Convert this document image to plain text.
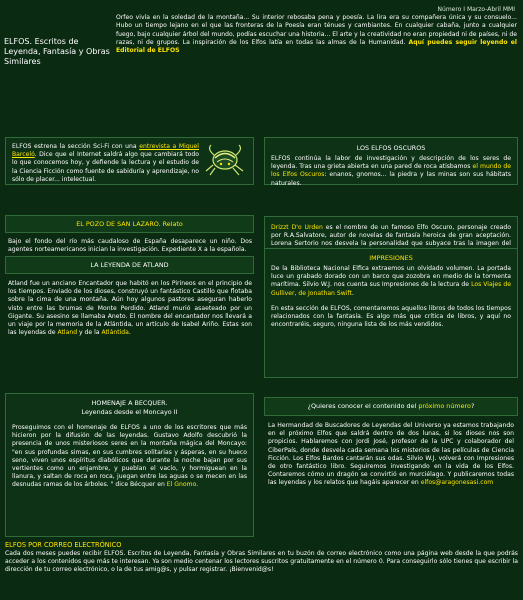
Número I Marzo-Abril MMI
ELFOS. Escritos de Leyenda, Fantasía y Obras Similares
Orfeo vivía en la soledad de la montaña... Su interior rebosaba pena y poesía. La lira era su compañera única y su consuelo... Hubo un tiempo lejano en el que las fronteras de la Poesía eran ténues y cambiantes. En cualquier cabaña, junto a cualquier fuego, bajo cualquier árbol del mundo, podías escuchar una historia... El arte y la creatividad no eran propiedad ni de países, ni de razas, ni de grupos. La inspiración de los Elfos latía en todas las almas de la Humanidad. Aquí puedes seguir leyendo el Editorial de ELFOS
ELFOS estrena la sección Sci-Fi con una entrevista a Miquel Barceló. Dice que el Internet saldrá algo que cambiará todo lo que conocemos hoy, y defiende la lectura y el estudio de la Ciencia Ficción como fuente de sabiduría y aprendizaje, no sólo de placer... intelectual.
LOS ELFOS OSCUROS
ELFOS continúa la labor de investigación y descripción de los seres de leyenda. Tras una grieta abierta en una pared de roca atisbamos el mundo de los Elfos Oscuros: enanos, gnomos... la piedra y las minas son sus hábitats naturales.
EL POZO DE SAN LAZARO. Relato
Bajo el fondo del río más caudaloso de España desaparece un niño. Dos agentes norteamericanos inician la investigación. Expediente X a la española.
Drizzt D'o Urden es el nombre de un famoso Elfo Oscuro, personaje creado por R.A.Salvatore, autor de novelas de fantasía heroica de gran aceptación. Lorena Sertorio nos desvela la personalidad que subyace tras la imagen del
LA LEYENDA DE ATLAND
Atland fue un anciano Encantador que habitó en los Pirineos en el principio de los tiempos. Enviado de los dioses, construyó un fantástico Castillo que flotaba sobre la cima de una montaña. Aún hoy algunos pastores aseguran haberlo visto entre las brumas de Monte Perdido. Atland murió asaeteado por un Gigante. Su asesino se llamaba Aneto. El nombre del encantador nos llevará a un viaje por la memoria de la Atlántida, un artículo de Isabel Ariño. Estas son las leyendas de Atland y de la Atlántida.
IMPRESIONES
De la Biblioteca Nacional Elfica extraemos un olvidado volumen. La portada luce un grabado dorado con un barco que zozobra en medio de la tormenta marítima. Silvio W.J. nos cuenta sus Impresiones de la lectura de Los Viajes de Gulliver, de Jonathan Swift.
En esta sección de ELFOS, comentaremos aquellos libros de todos los tiempos relacionados con la fantasía. Es algo más que crítica de libros, y aquí no encontraréis, seguro, ninguna lista de los más vendidos.
HOMENAJE A BECQUER.
Leyendas desde el Moncayo II
Proseguimos con el homenaje de ELFOS a uno de los escritores que más hicieron por la difusión de las leyendas. Gustavo Adolfo descubrió la presencia de unos misteriosos seres en la montaña mágica del Moncayo: "en sus profundas simas, en sus cumbres solitarias y ásperas, en su hueco seno, viven unos espíritus diabólicos que durante la noche bajan por sus vertientes como un enjambre, y pueblan el vacío, y hormiguean en la llanura, y saltan de roca en roca, juegan entre las aguas o se mecen en las desnudas ramas de los árboles. " dice Bécquer en El Gnomo.
¿Quieres conocer el contenido del próximo número?
La Hermandad de Buscadores de Leyendas del Universo ya estamos trabajando en el próximo Elfos que saldrá dentro de dos lunas, si los dioses nos son propicios. Hablaremos con Jordi José, profesor de la UPC y colaborador del CiberPaís, donde desvela cada semana los misterios de las películas de Ciencia Ficción. Los Elfos Bardos cantarán sus odas. Silvio W.J. volverá con Impresiones de otro fantástico libro. Seguiremos investigando en la vida de los Elfos. Contaremos cómo un dragón se convirtió en murciélago. Y publicaremos todas las leyendas y los relatos que hagáis aparecer en elfos@aragonesasi.com
ELFOS POR CORREO ELECTRÓNICO
Cada dos meses puedes recibir ELFOS. Escritos de Leyenda, Fantasía y Obras Similares en tu buzón de correo electrónico como una página web desde la que podrás acceder a los contenidos que más te interesan. Ya son medio centenar los lectores suscritos gratuitamente en el número 0. Para conseguirlo sólo tienes que escribir la dirección de tu correo electrónico, o la de tus amig@s, y pulsar registrar. ¡Bienvenid@s!
